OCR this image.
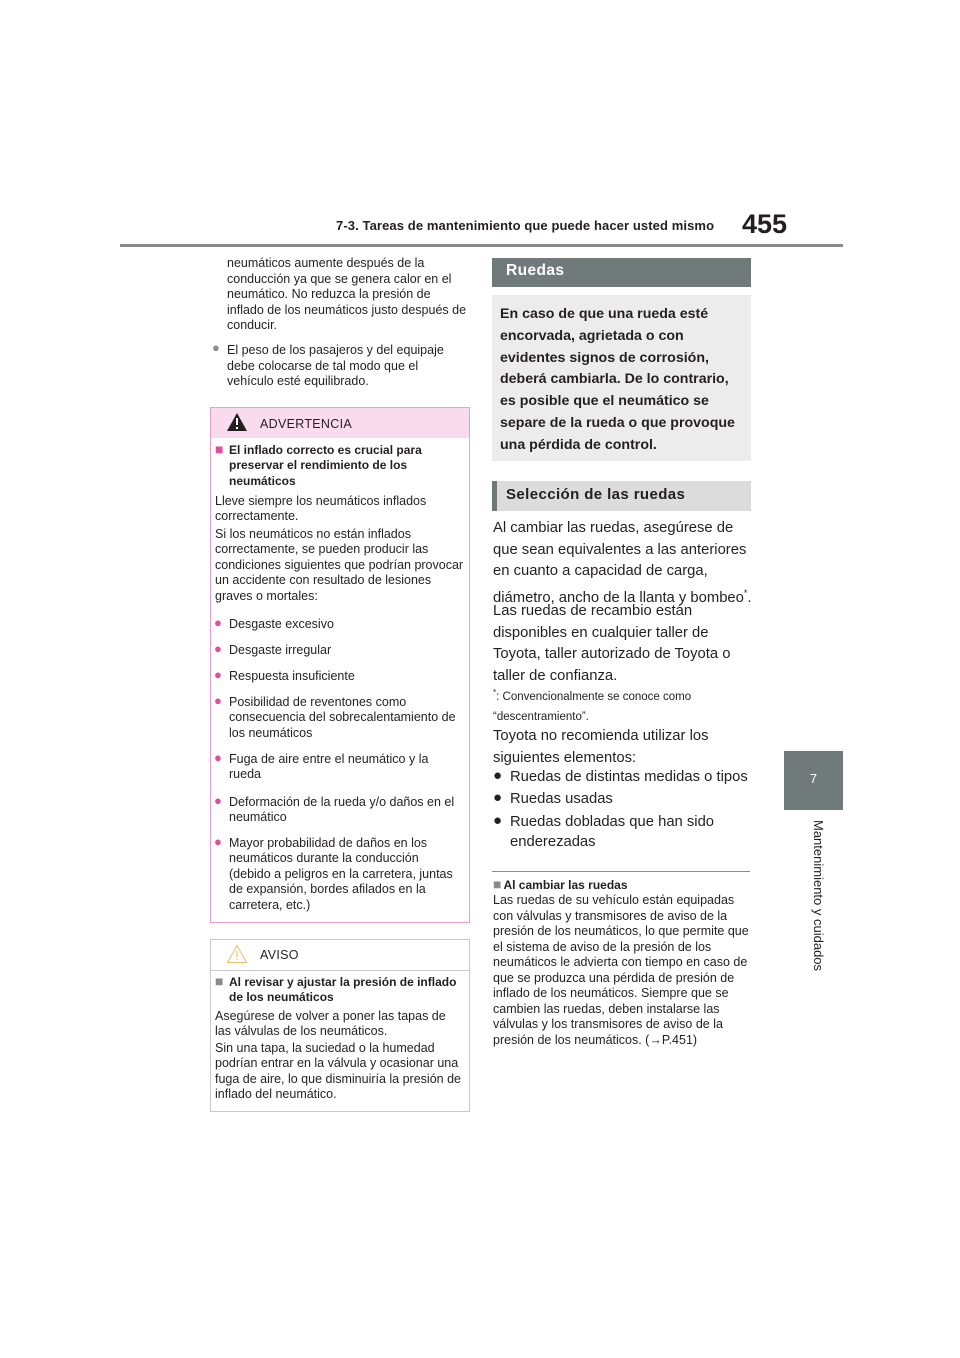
7-3. Tareas de mantenimiento que puede hacer usted mismo 455
7
Mantenimiento y cuidados
neumáticos aumente después de la conducción ya que se genera calor en el neumático. No reduzca la presión de inflado de los neumáticos justo después de conducir.
● El peso de los pasajeros y del equipaje debe colocarse de tal modo que el vehículo esté equilibrado.
ADVERTENCIA
■ El inflado correcto es crucial para preservar el rendimiento de los neumáticos
Lleve siempre los neumáticos inflados correctamente.
Si los neumáticos no están inflados correctamente, se pueden producir las condiciones siguientes que podrían provocar un accidente con resultado de lesiones graves o mortales:
● Desgaste excesivo
● Desgaste irregular
● Respuesta insuficiente
● Posibilidad de reventones como consecuencia del sobrecalentamiento de los neumáticos
● Fuga de aire entre el neumático y la rueda
● Deformación de la rueda y/o daños en el neumático
● Mayor probabilidad de daños en los neumáticos durante la conducción (debido a peligros en la carretera, juntas de expansión, bordes afilados en la carretera, etc.)
AVISO
■ Al revisar y ajustar la presión de inflado de los neumáticos
Asegúrese de volver a poner las tapas de las válvulas de los neumáticos.
Sin una tapa, la suciedad o la humedad podrían entrar en la válvula y ocasionar una fuga de aire, lo que disminuiría la presión de inflado del neumático.
Ruedas
En caso de que una rueda esté encorvada, agrietada o con evidentes signos de corrosión, deberá cambiarla. De lo contrario, es posible que el neumático se separe de la rueda o que provoque una pérdida de control.
Selección de las ruedas
Al cambiar las ruedas, asegúrese de que sean equivalentes a las anteriores en cuanto a capacidad de carga, diámetro, ancho de la llanta y bombeo*.
Las ruedas de recambio están disponibles en cualquier taller de Toyota, taller autorizado de Toyota o taller de confianza.
*: Convencionalmente se conoce como “descentramiento”.
Toyota no recomienda utilizar los siguientes elementos:
● Ruedas de distintas medidas o tipos
● Ruedas usadas
● Ruedas dobladas que han sido enderezadas
■ Al cambiar las ruedas
Las ruedas de su vehículo están equipadas con válvulas y transmisores de aviso de la presión de los neumáticos, lo que permite que el sistema de aviso de la presión de los neumáticos le advierta con tiempo en caso de que se produzca una pérdida de presión de inflado de los neumáticos. Siempre que se cambien las ruedas, deben instalarse las válvulas y los transmisores de aviso de la presión de los neumáticos. (→P.451)
